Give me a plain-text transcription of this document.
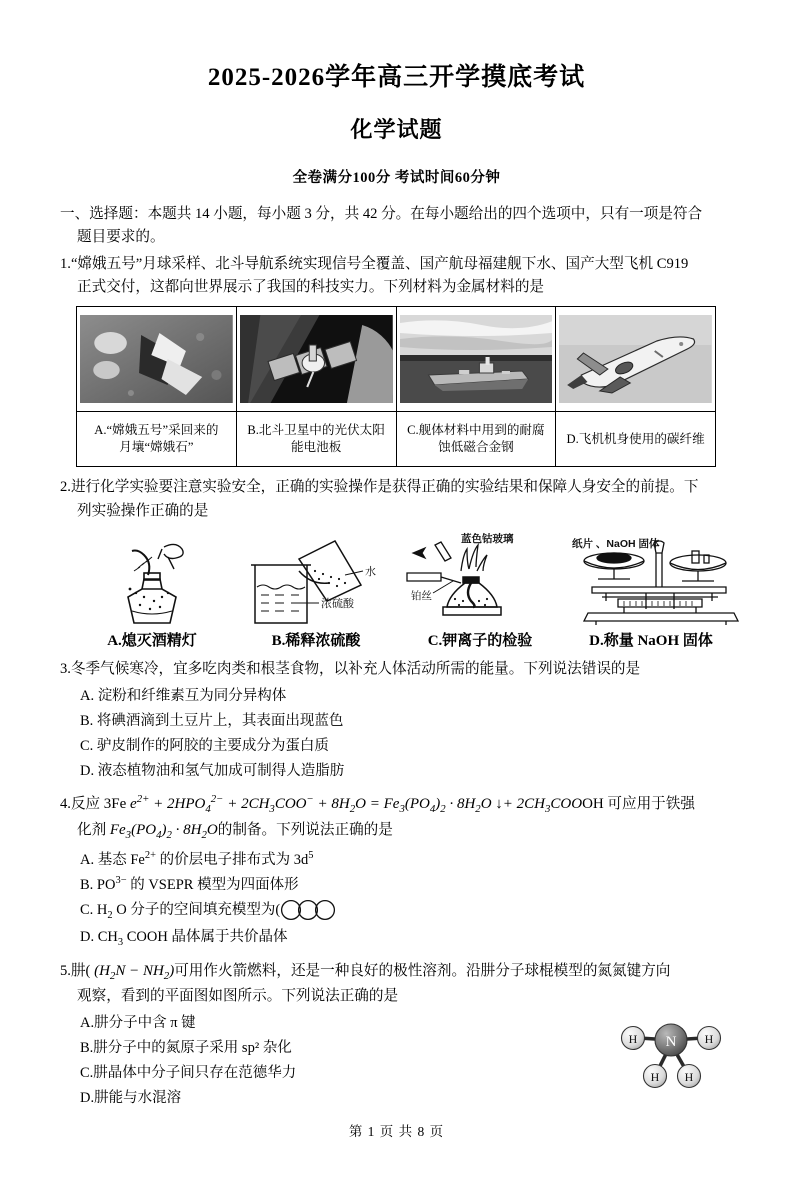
2025-2026学年高三开学摸底考试
化学试题
全卷满分100分 考试时间60分钟
一、选择题：本题共 14 小题，每小题 3 分，共 42 分。在每小题给出的四个选项中，只有一项是符合
题目要求的。
1.“嫦娥五号”月球采样、北斗导航系统实现信号全覆盖、国产航母福建舰下水、国产大型飞机 C919
正式交付，这都向世界展示了我国的科技实力。下列材料为金属材料的是

A.“嫦娥五号”采回来的
月壤“嫦娥石”

B.北斗卫星中的光伏太阳
能电池板

C.舰体材料中用到的耐腐
蚀低磁合金钢

D.飞机机身使用的碳纤维
2.进行化学实验要注意实验安全，正确的实验操作是获得正确的实验结果和保障人身安全的前提。下
列实验操作正确的是
A.熄灭酒精灯
水
浓硫酸
B.稀释浓硫酸
蓝色钴玻璃
铂丝
C.钾离子的检验
纸片 、NaOH 固体
D.称量 NaOH 固体
3.冬季气候寒冷，宜多吃肉类和根茎食物，以补充人体活动所需的能量。下列说法错误的是
A. 淀粉和纤维素互为同分异构体
B. 将碘酒滴到土豆片上，其表面出现蓝色
C. 驴皮制作的阿胶的主要成分为蛋白质
D. 液态植物油和氢气加成可制得人造脂肪
4.反应 3Fe $e^{2+} + 2HPO_4^{2-} + 2CH_3COO^- + 8H_2O = Fe_3(PO_4)_2 \cdot 8H_2O$ ↓+ $2CH_3COOOH$ 可应用于铁强
化剂 $Fe_3(PO_4)_2 \cdot 8H_2O$的制备。下列说法正确的是
A. 基态 $Fe^{2+}$ 的价层电子排布式为 $3d^5$
B. $PO^{3-}$ 的 VSEPR 模型为四面体形
C. $H_2$ O 分子的空间填充模型为(
D. $CH_3$ COOH 晶体属于共价晶体
5.肼( $(H_2N - NH_2)$可用作火箭燃料，还是一种良好的极性溶剂。沿肼分子球棍模型的氮氮键方向
观察，看到的平面图如图所示。下列说法正确的是
A.肼分子中含 π 键
B.肼分子中的氮原子采用 sp² 杂化
C.肼晶体中分子间只存在范德华力
D.肼能与水混溶
N
H	H
H H
第 1 页 共 8 页
